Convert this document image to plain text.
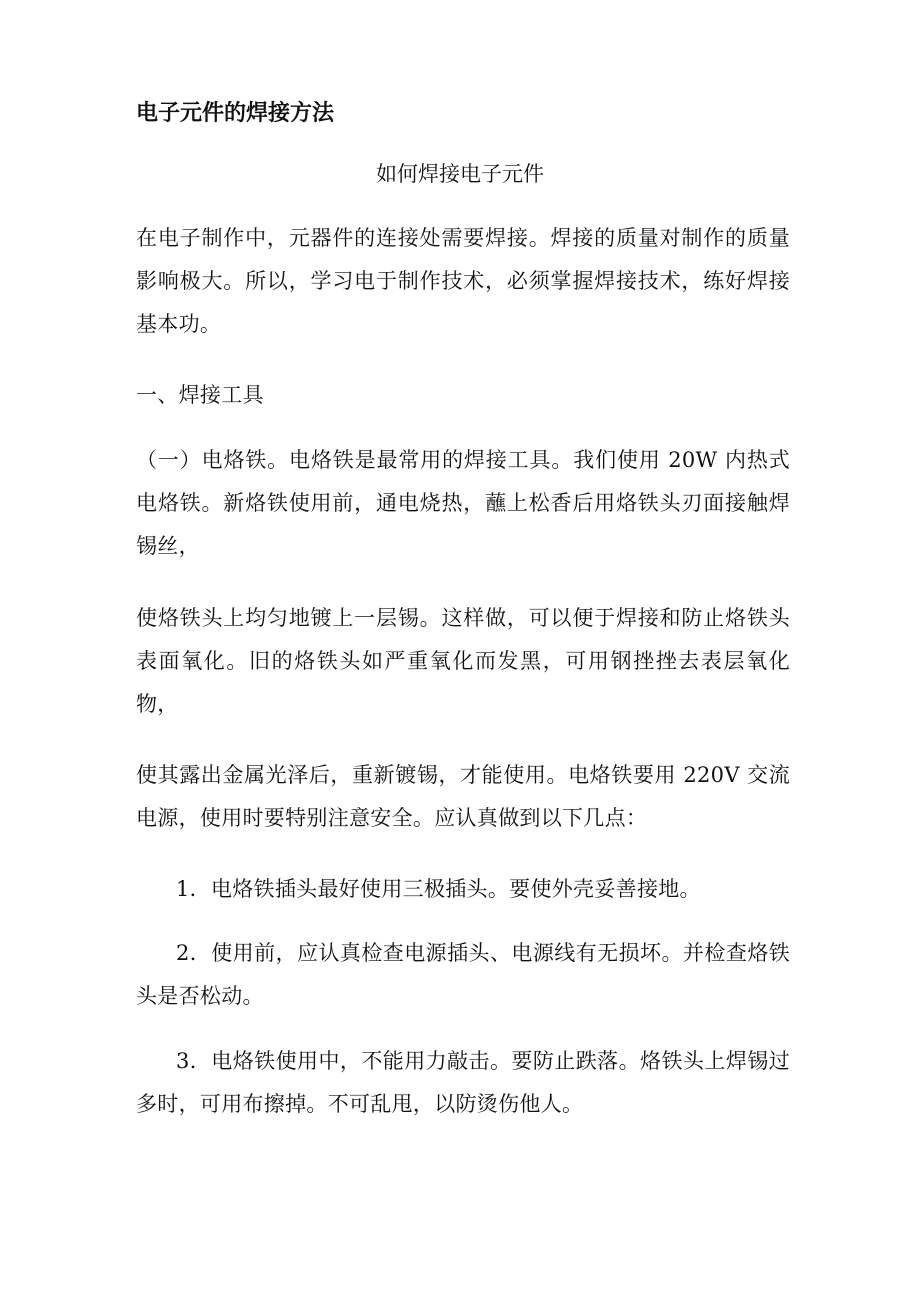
电子元件的焊接方法

如何焊接电子元件

在电子制作中，元器件的连接处需要焊接。焊接的质量对制作的质量影响极大。所以，学习电于制作技术，必须掌握焊接技术，练好焊接基本功。

一、焊接工具

（一）电烙铁。电烙铁是最常用的焊接工具。我们使用 20W 内热式电烙铁。新烙铁使用前，通电烧热，蘸上松香后用烙铁头刃面接触焊锡丝，

使烙铁头上均匀地镀上一层锡。这样做，可以便于焊接和防止烙铁头表面氧化。旧的烙铁头如严重氧化而发黑，可用钢挫挫去表层氧化物，

使其露出金属光泽后，重新镀锡，才能使用。电烙铁要用 220V 交流电源，使用时要特别注意安全。应认真做到以下几点：

1．电烙铁插头最好使用三极插头。要使外壳妥善接地。

2．使用前，应认真检查电源插头、电源线有无损坏。并检查烙铁头是否松动。

3．电烙铁使用中，不能用力敲击。要防止跌落。烙铁头上焊锡过多时，可用布擦掉。不可乱甩，以防烫伤他人。
